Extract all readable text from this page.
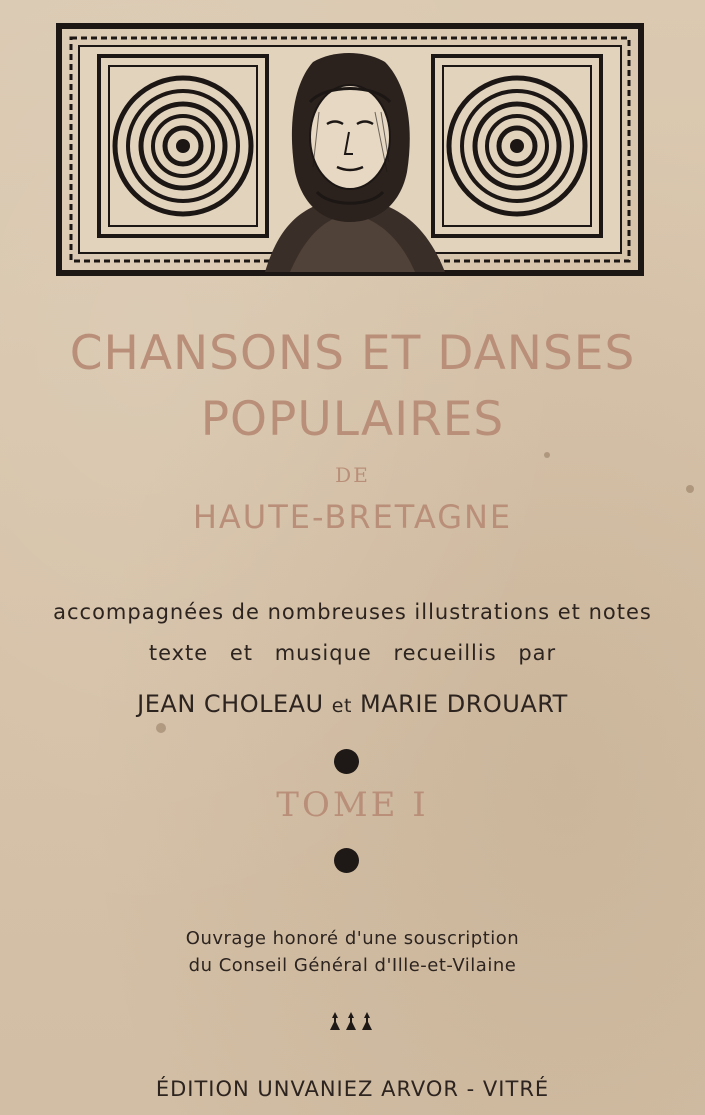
CHANSONS ET DANSES
POPULAIRES
DE
HAUTE-BRETAGNE
accompagnées de nombreuses illustrations et notes
texte et musique recueillis par
JEAN CHOLEAU et MARIE DROUART
TOME I
Ouvrage honoré d'une souscription
du Conseil Général d'Ille-et-Vilaine
ÉDITION UNVANIEZ ARVOR - VITRÉ
